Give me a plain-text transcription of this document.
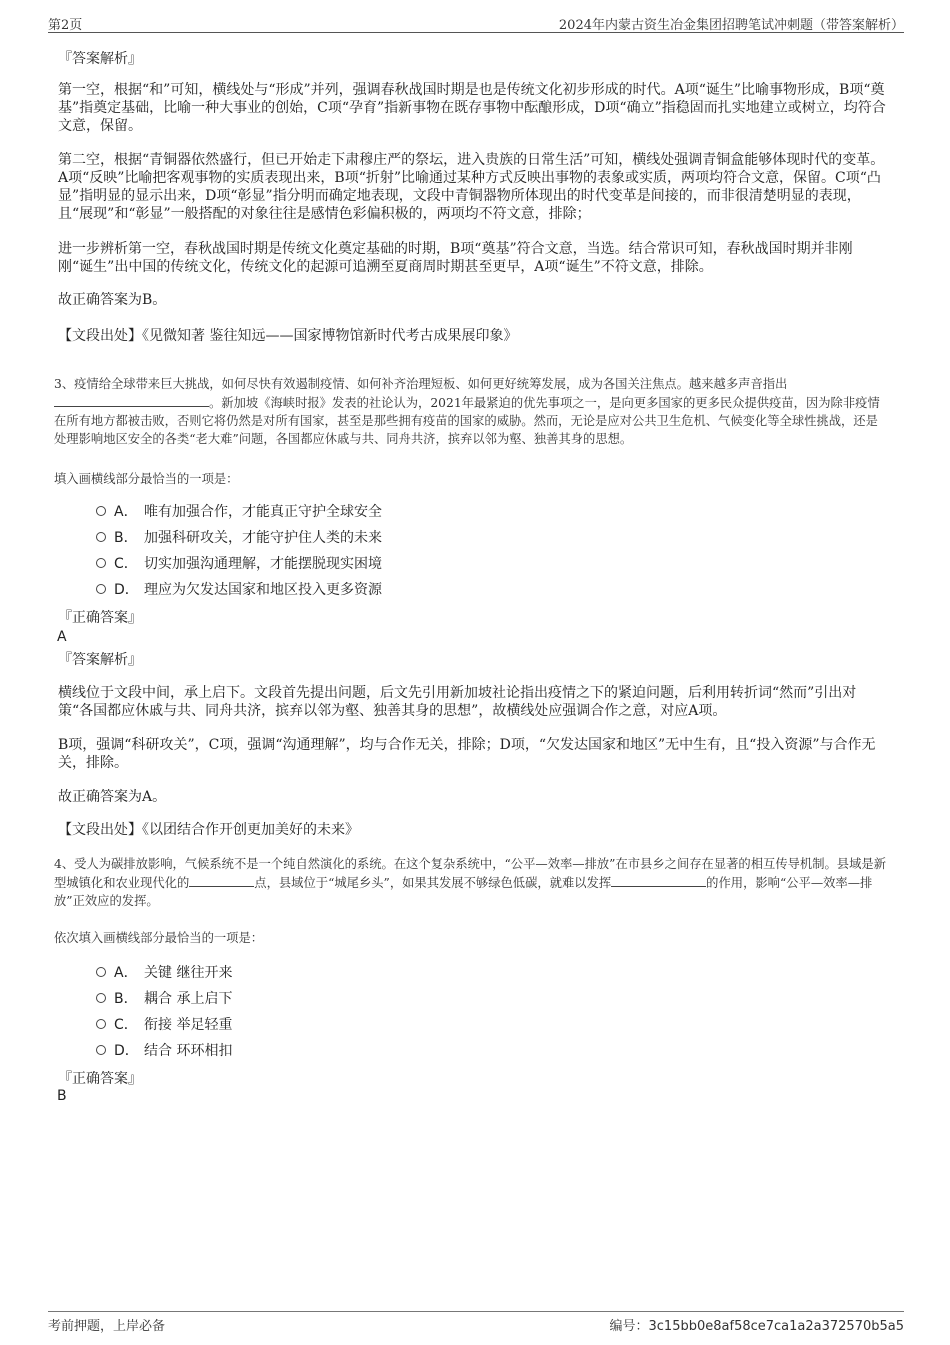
第2页	2024年内蒙古资生冶金集团招聘笔试冲刺题（带答案解析）
『答案解析』

第一空，根据“和”可知，横线处与“形成”并列，强调春秋战国时期是也是传统文化初步形成的时代。A项“诞生”比喻事物形成，B项“奠基”指奠定基础，比喻一种大事业的创始，C项“孕育”指新事物在既存事物中酝酿形成，D项“确立”指稳固而扎实地建立或树立，均符合文意，保留。

第二空，根据“青铜器依然盛行，但已开始走下肃穆庄严的祭坛，进入贵族的日常生活”可知，横线处强调青铜盒能够体现时代的变革。A项“反映”比喻把客观事物的实质表现出来，B项“折射”比喻通过某种方式反映出事物的表象或实质，两项均符合文意，保留。C项“凸显”指明显的显示出来，D项“彰显”指分明而确定地表现，文段中青铜器物所体现出的时代变革是间接的，而非很清楚明显的表现，且“展现”和“彰显”一般搭配的对象往往是感情色彩偏积极的，两项均不符文意，排除；

进一步辨析第一空，春秋战国时期是传统文化奠定基础的时期，B项“奠基”符合文意，当选。结合常识可知，春秋战国时期并非刚刚“诞生”出中国的传统文化，传统文化的起源可追溯至夏商周时期甚至更早，A项“诞生”不符文意，排除。

故正确答案为B。

【文段出处】《见微知著 鉴往知远——国家博物馆新时代考古成果展印象》

3、疫情给全球带来巨大挑战，如何尽快有效遏制疫情、如何补齐治理短板、如何更好统筹发展，成为各国关注焦点。越来越多声音指出
。新加坡《海峡时报》发表的社论认为，2021年最紧迫的优先事项之一，是向更多国家的更多民众提供疫苗，因为除非疫情在所有地方都被击败，否则它将仍然是对所有国家，甚至是那些拥有疫苗的国家的威胁。然而，无论是应对公共卫生危机、气候变化等全球性挑战，还是处理影响地区安全的各类“老大难”问题，各国都应休戚与共、同舟共济，摈弃以邻为壑、独善其身的思想。

填入画横线部分最恰当的一项是：

A． 唯有加强合作，才能真正守护全球安全
B． 加强科研攻关，才能守护住人类的未来
C． 切实加强沟通理解，才能摆脱现实困境
D． 理应为欠发达国家和地区投入更多资源
『正确答案』
A
『答案解析』

横线位于文段中间，承上启下。文段首先提出问题，后文先引用新加坡社论指出疫情之下的紧迫问题，后利用转折词“然而”引出对策“各国都应休戚与共、同舟共济，摈弃以邻为壑、独善其身的思想”，故横线处应强调合作之意，对应A项。

B项，强调“科研攻关”，C项，强调“沟通理解”，均与合作无关，排除；D项，“欠发达国家和地区”无中生有，且“投入资源”与合作无关，排除。

故正确答案为A。

【文段出处】《以团结合作开创更加美好的未来》

4、受人为碳排放影响，气候系统不是一个纯自然演化的系统。在这个复杂系统中，“公平—效率—排放”在市县乡之间存在显著的相互传导机制。县域是新型城镇化和农业现代化的	点，县域位于“城尾乡头”，如果其发展不够绿色低碳，就难以发挥	的作用，影响“公平—效率—排放”正效应的发挥。

依次填入画横线部分最恰当的一项是：

A． 关键 继往开来
B． 耦合 承上启下
C． 衔接 举足轻重
D． 结合 环环相扣
『正确答案』
B
考前押题，上岸必备	编号：3c15bb0e8af58ce7ca1a2a372570b5a5
